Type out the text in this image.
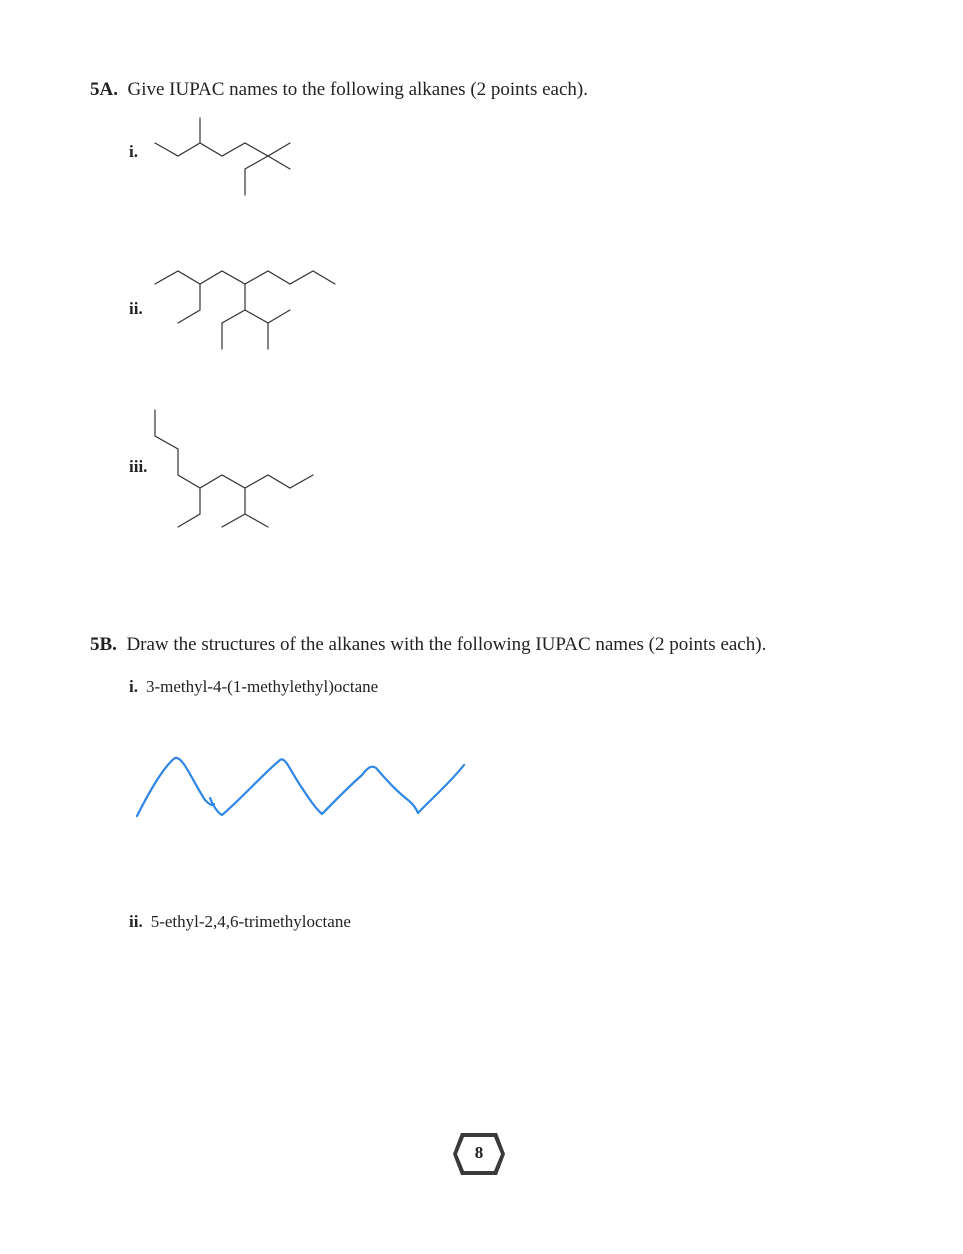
5A. Give IUPAC names to the following alkanes (2 points each).
i.
ii.
iii.
5B. Draw the structures of the alkanes with the following IUPAC names (2 points each).
i. 3-methyl-4-(1-methylethyl)octane
ii. 5-ethyl-2,4,6-trimethyloctane
8
